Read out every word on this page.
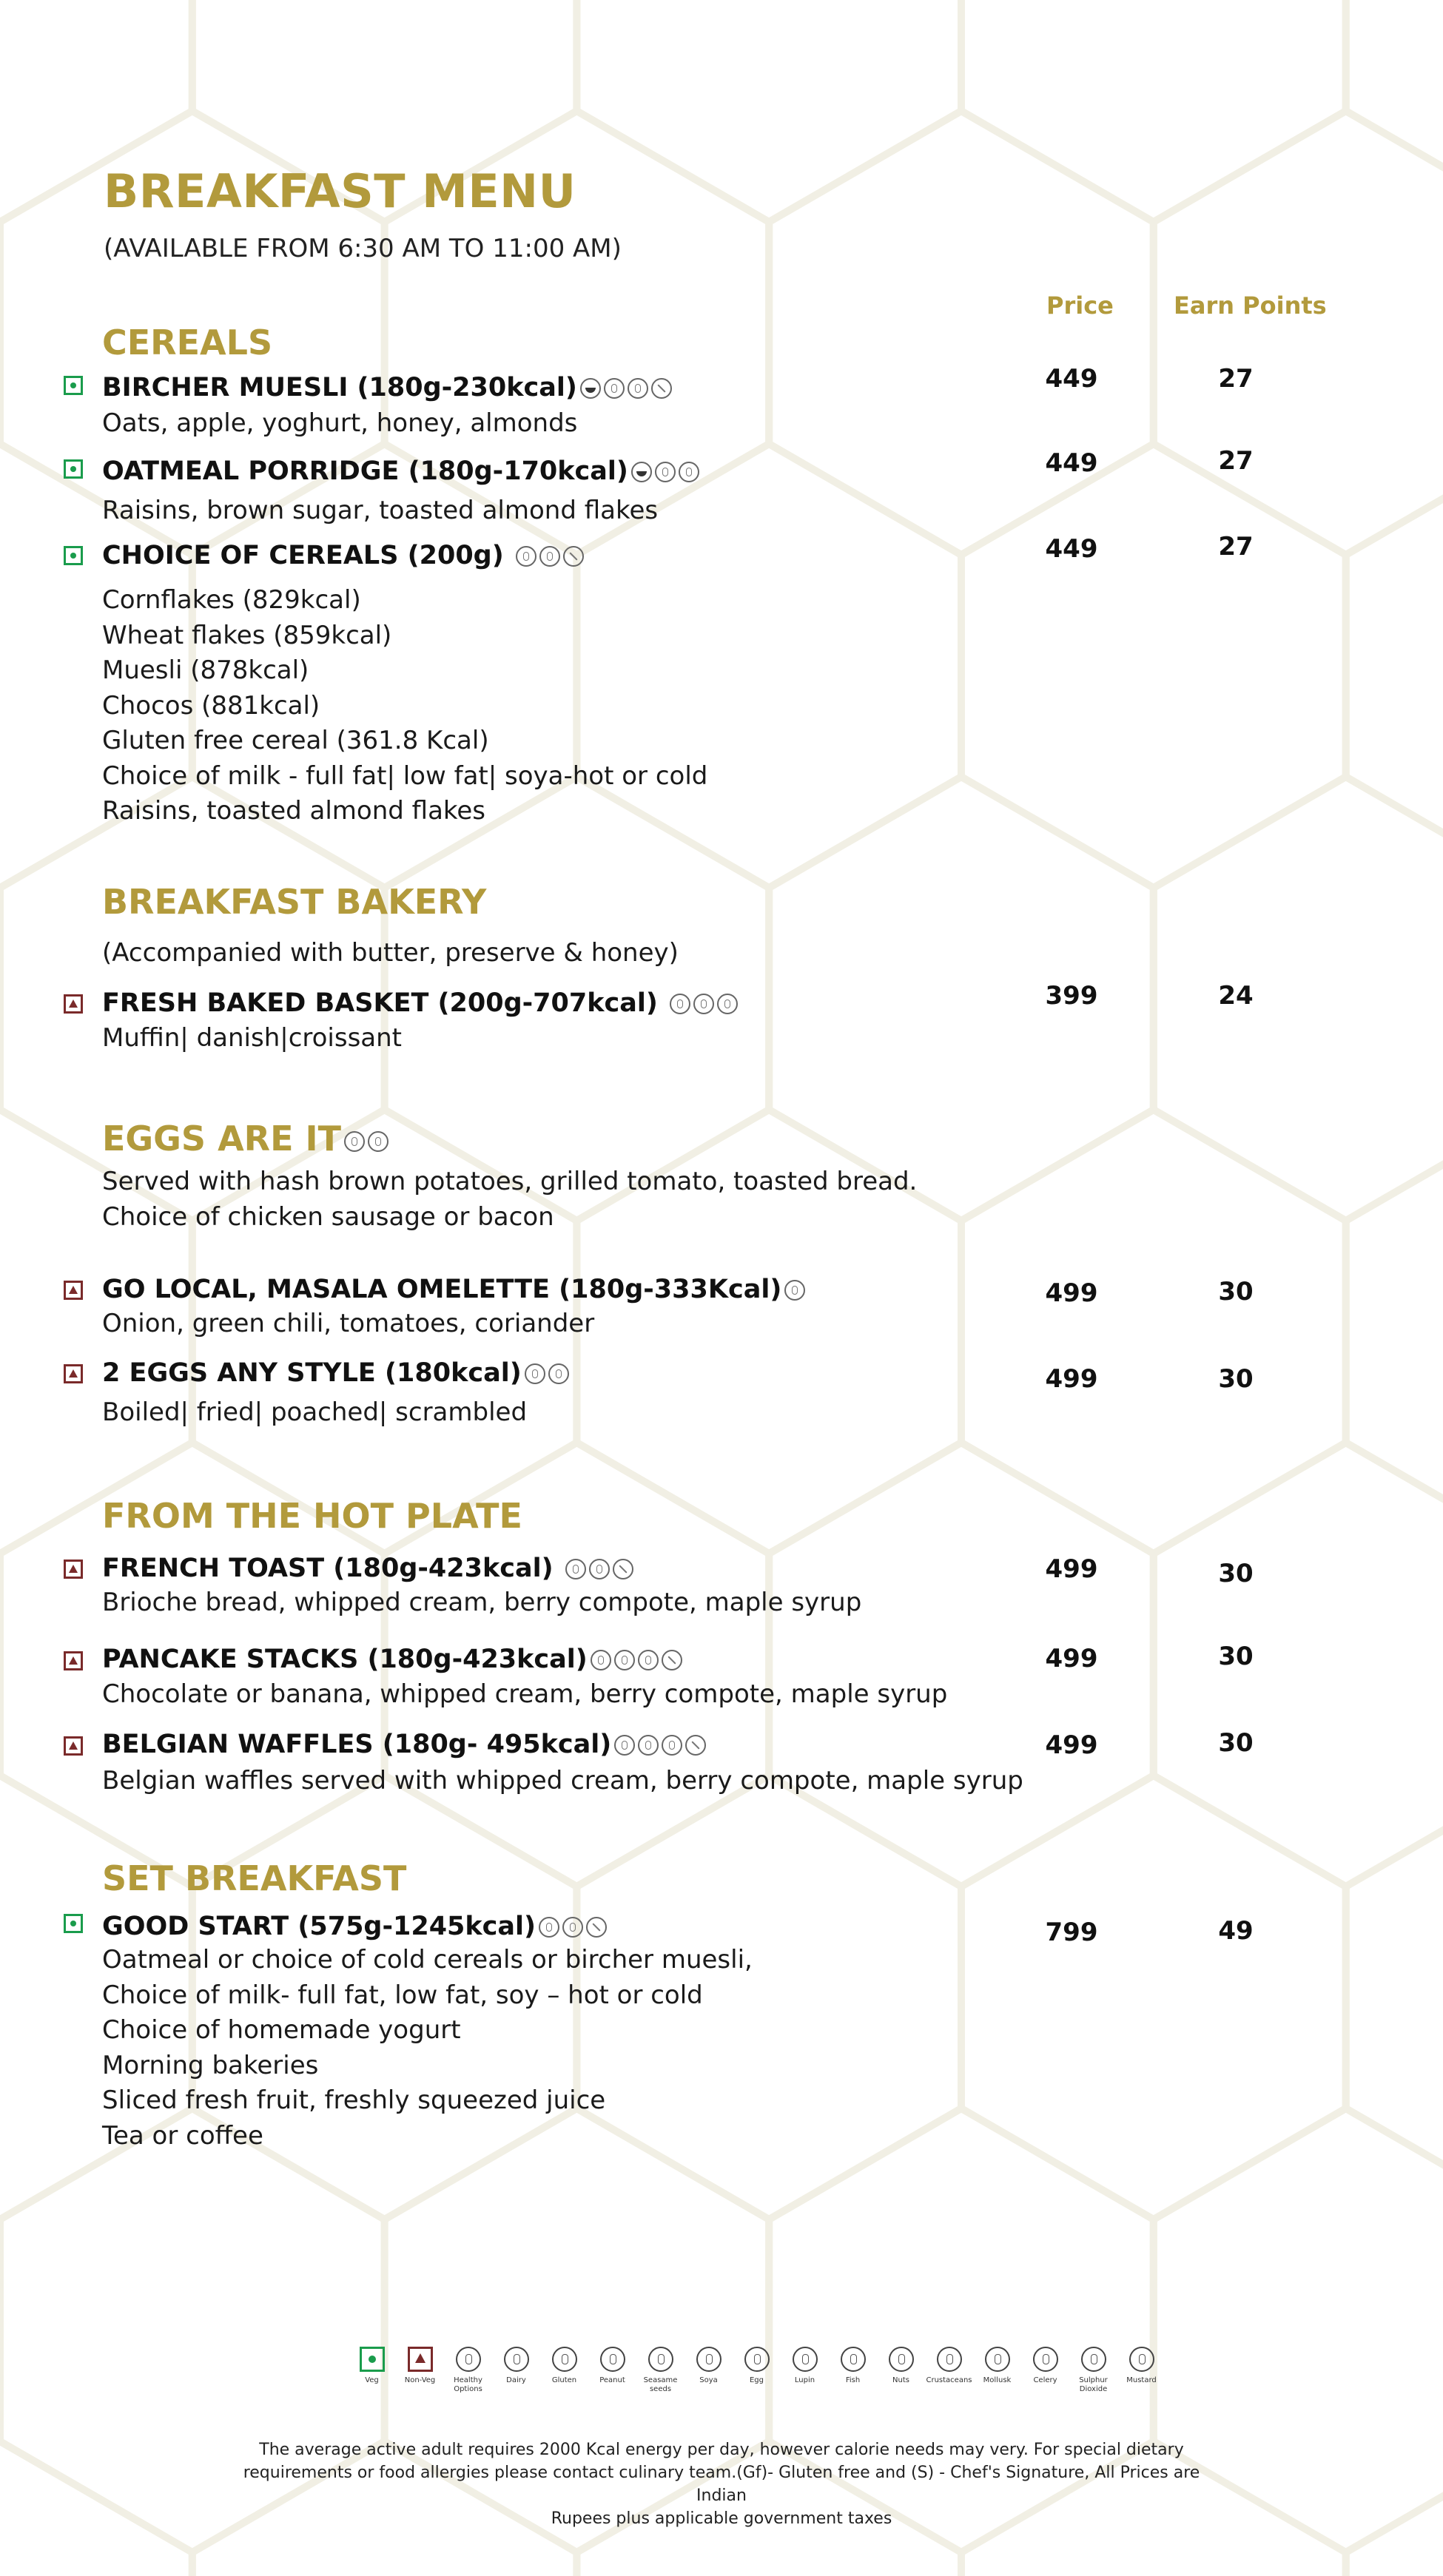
BREAKFAST MENU
(AVAILABLE FROM 6:30 AM TO 11:00 AM)
Price	Earn Points
CEREALS
BIRCHER MUESLI (180g-230kcal)
Oats, apple, yoghurt, honey, almonds
449	27
OATMEAL PORRIDGE (180g-170kcal)
Raisins, brown sugar, toasted almond flakes
449	27
CHOICE OF CEREALS (200g)
Cornflakes (829kcal)
Wheat flakes (859kcal)
Muesli (878kcal)
Chocos (881kcal)
Gluten free cereal (361.8 Kcal)
Choice of milk - full fat| low fat| soya-hot or cold
Raisins, toasted almond flakes
449	27
BREAKFAST BAKERY
(Accompanied with butter, preserve & honey)
FRESH BAKED BASKET (200g-707kcal)
Muffin| danish|croissant
399	24
EGGS ARE IT
Served with hash brown potatoes, grilled tomato, toasted bread.
Choice of chicken sausage or bacon
GO LOCAL, MASALA OMELETTE (180g-333Kcal)
Onion, green chili, tomatoes, coriander
499	30
2 EGGS ANY STYLE (180kcal)
Boiled| fried| poached| scrambled
499	30
FROM THE HOT PLATE
FRENCH TOAST (180g-423kcal)
Brioche bread, whipped cream, berry compote, maple syrup
499	30
PANCAKE STACKS (180g-423kcal)
Chocolate or banana, whipped cream, berry compote, maple syrup
499	30
BELGIAN WAFFLES (180g- 495kcal)
Belgian waffles served with whipped cream, berry compote, maple syrup
499	30
SET BREAKFAST
GOOD START (575g-1245kcal)
Oatmeal or choice of cold cereals or bircher muesli,
Choice of milk- full fat, low fat, soy – hot or cold
Choice of homemade yogurt
Morning bakeries
Sliced fresh fruit, freshly squeezed juice
Tea or coffee
799	49
Veg	Non-Veg	Healthy Options
Dairy	Gluten	Peanut	Seasame seeds
Soya	Egg	Lupin	Fish	Nuts	Crustaceans	Mollusk	Celery	Sulphur Dioxide
Mustard
The average active adult requires 2000 Kcal energy per day, however calorie needs may very. For special dietary
requirements or food allergies please contact culinary team.(Gf)- Gluten free and (S) - Chef's Signature, All Prices are Indian
Rupees plus applicable government taxes
